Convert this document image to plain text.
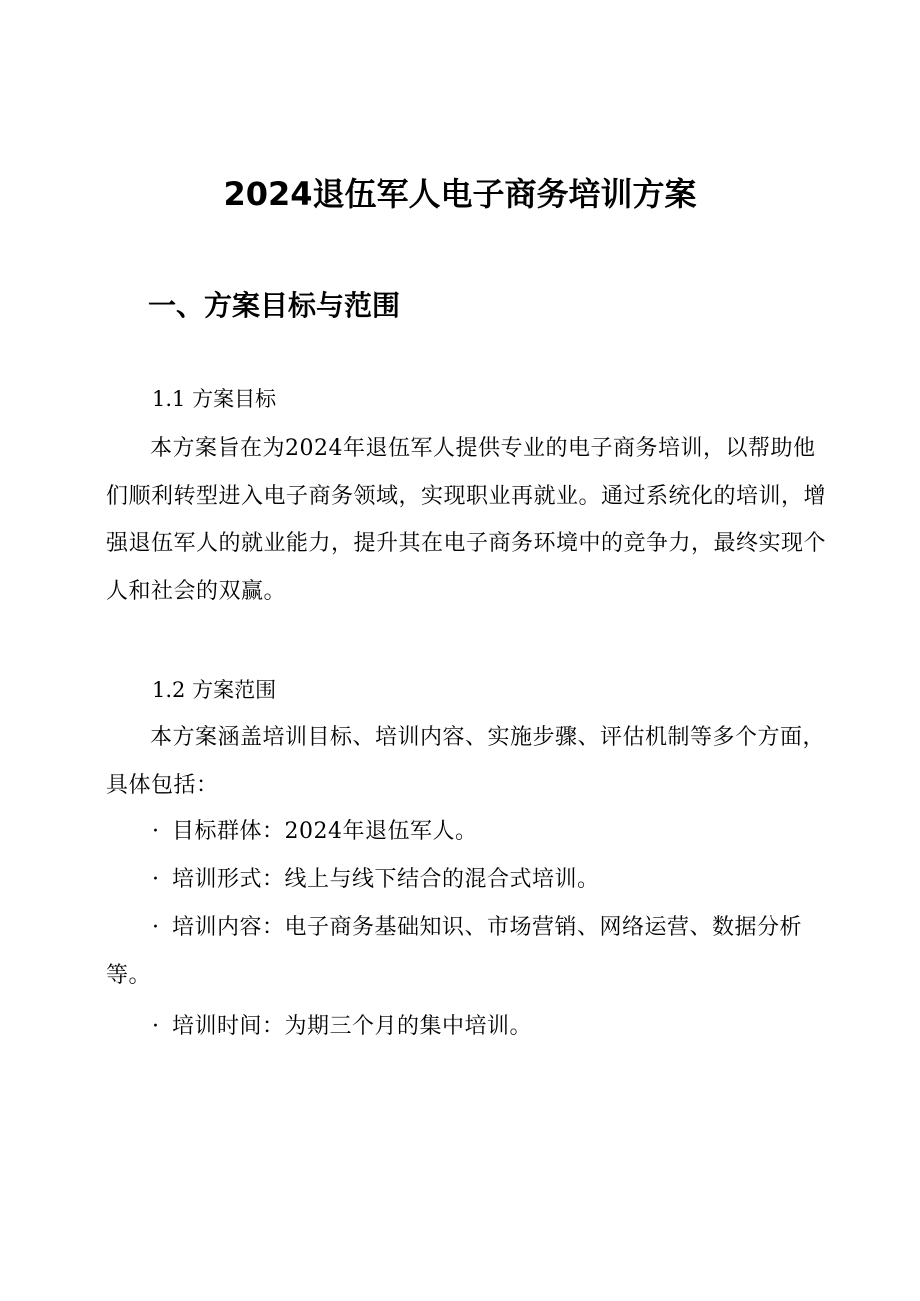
2024退伍军人电子商务培训方案
一、方案目标与范围
1.1 方案目标

本方案旨在为2024年退伍军人提供专业的电子商务培训，以帮助他们顺利转型进入电子商务领域，实现职业再就业。通过系统化的培训，增强退伍军人的就业能力，提升其在电子商务环境中的竞争力，最终实现个人和社会的双赢。

1.2 方案范围

本方案涵盖培训目标、培训内容、实施步骤、评估机制等多个方面，具体包括：

· 目标群体：2024年退伍军人。
· 培训形式：线上与线下结合的混合式培训。
· 培训内容：电子商务基础知识、市场营销、网络运营、数据分析
等。
· 培训时间：为期三个月的集中培训。
